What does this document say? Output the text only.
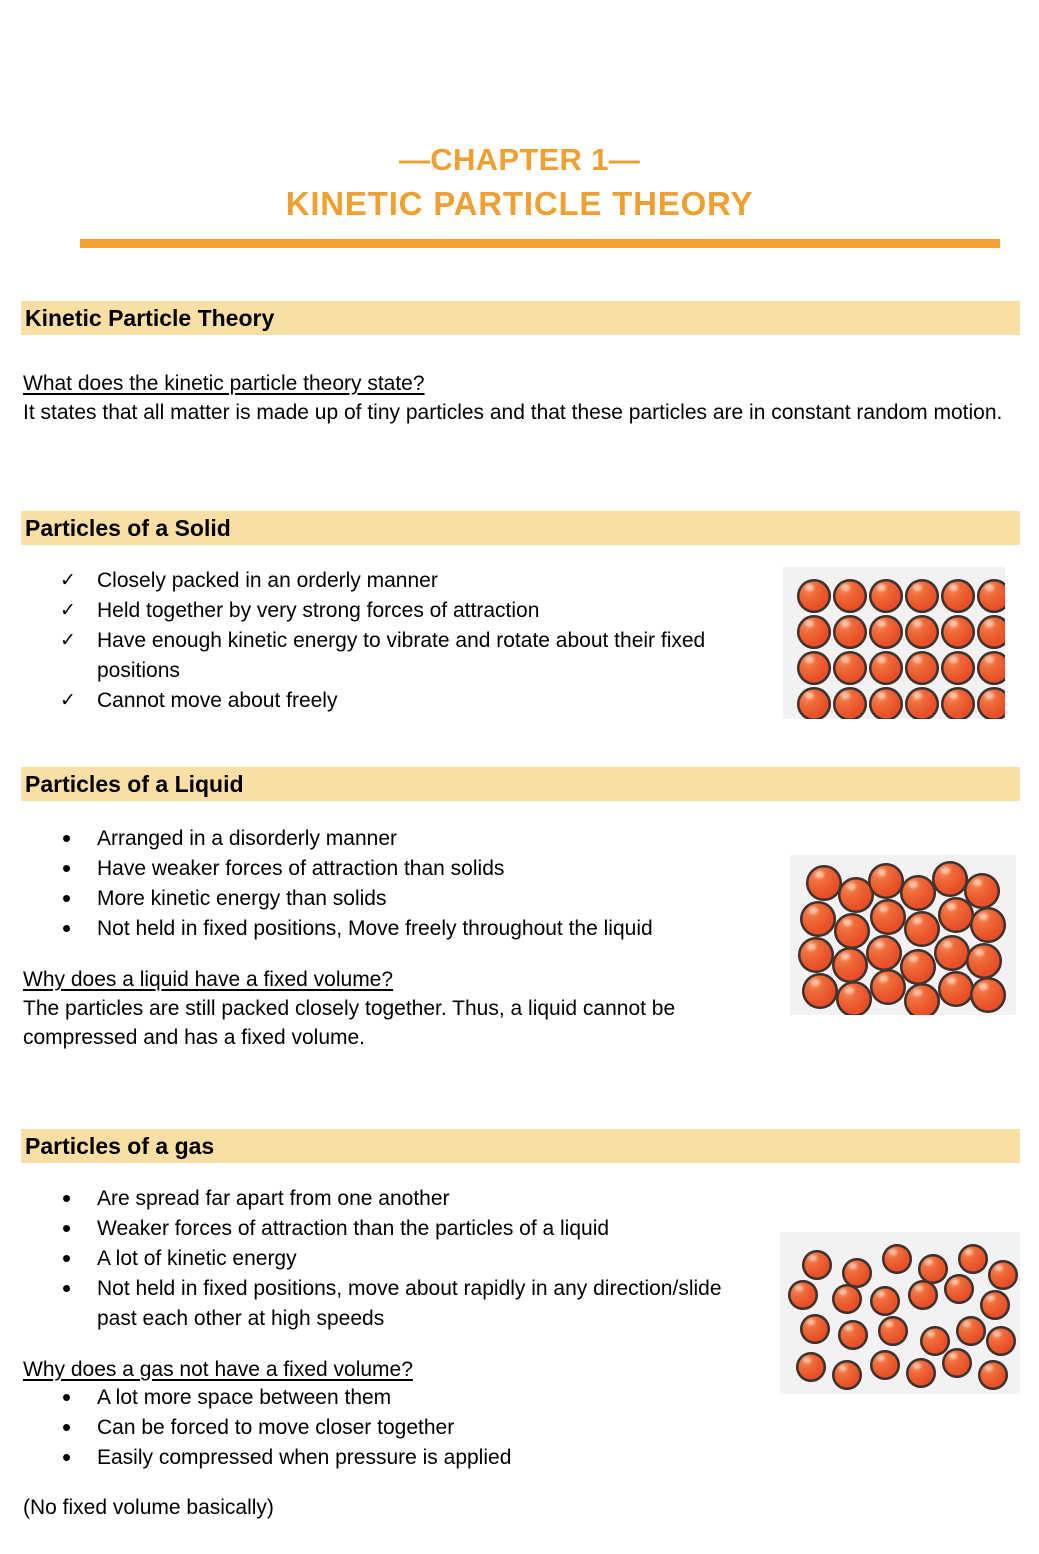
—CHAPTER 1—
KINETIC PARTICLE THEORY
Kinetic Particle Theory
What does the kinetic particle theory state?
It states that all matter is made up of tiny particles and that these particles are in constant random motion.
Particles of a Solid
✓	Closely packed in an orderly manner
✓	Held together by very strong forces of attraction
✓	Have enough kinetic energy to vibrate and rotate about their fixed positions
✓	Cannot move about freely
Particles of a Liquid
•	Arranged in a disorderly manner
•	Have weaker forces of attraction than solids
•	More kinetic energy than solids
•	Not held in fixed positions, Move freely throughout the liquid
Why does a liquid have a fixed volume?
The particles are still packed closely together. Thus, a liquid cannot be compressed and has a fixed volume.
Particles of a gas
•	Are spread far apart from one another
•	Weaker forces of attraction than the particles of a liquid
•	A lot of kinetic energy
•	Not held in fixed positions, move about rapidly in any direction/slide past each other at high speeds
Why does a gas not have a fixed volume?
•	A lot more space between them
•	Can be forced to move closer together
•	Easily compressed when pressure is applied
(No fixed volume basically)
